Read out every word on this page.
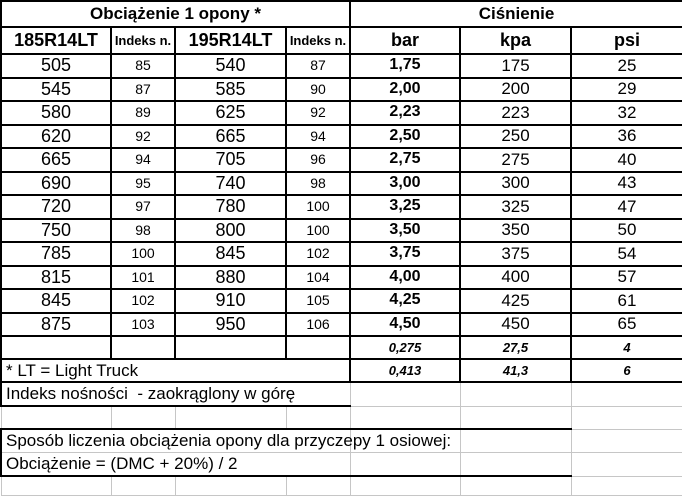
Obciążenie 1 opony *				Ciśnienie		
185R14LT	Indeks n.	195R14LT	Indeks n.	bar	kpa	psi
505	85	540	87	1,75	175	25
545	87	585	90	2,00	200	29
580	89	625	92	2,23	223	32
620	92	665	94	2,50	250	36
665	94	705	96	2,75	275	40
690	95	740	98	3,00	300	43
720	97	780	100	3,25	325	47
750	98	800	100	3,50	350	50
785	100	845	102	3,75	375	54
815	101	880	104	4,00	400	57
845	102	910	105	4,25	425	61
875	103	950	106	4,50	450	65
				0,275	27,5	4
* LT = Light Truck				0,413	41,3	6
Indeks nośności  - zaokrąglony w górę						

Sposób liczenia obciążenia opony dla przyczepy 1 osiowej:						
Obciążenie = (DMC + 20%) / 2						
